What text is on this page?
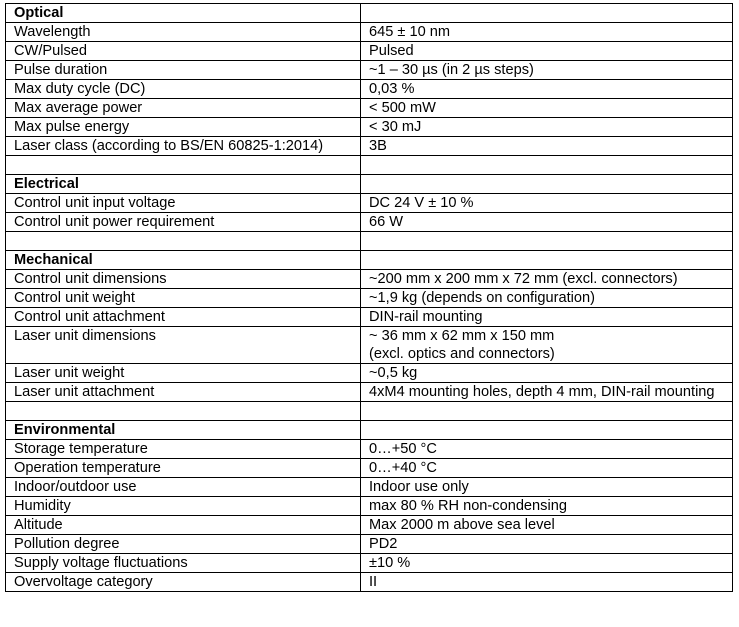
Optical	
Wavelength	645 ± 10 nm
CW/Pulsed	Pulsed
Pulse duration	~1 – 30 µs (in 2 µs steps)
Max duty cycle (DC)	0,03 %
Max average power	< 500 mW
Max pulse energy	< 30 mJ
Laser class (according to BS/EN 60825-1:2014)	3B

Electrical	
Control unit input voltage	DC 24 V ± 10 %
Control unit power requirement	66 W

Mechanical	
Control unit dimensions	~200 mm x 200 mm x 72 mm (excl. connectors)
Control unit weight	~1,9 kg (depends on configuration)
Control unit attachment	DIN-rail mounting
Laser unit dimensions	~ 36 mm x 62 mm x 150 mm
(excl. optics and connectors)

Laser unit weight	~0,5 kg
Laser unit attachment	4xM4 mounting holes, depth 4 mm, DIN-rail mounting

Environmental	
Storage temperature	0…+50 °C
Operation temperature	0…+40 °C
Indoor/outdoor use	Indoor use only
Humidity	max 80 % RH non-condensing
Altitude	Max 2000 m above sea level
Pollution degree	PD2
Supply voltage fluctuations	±10 %
Overvoltage category	II
